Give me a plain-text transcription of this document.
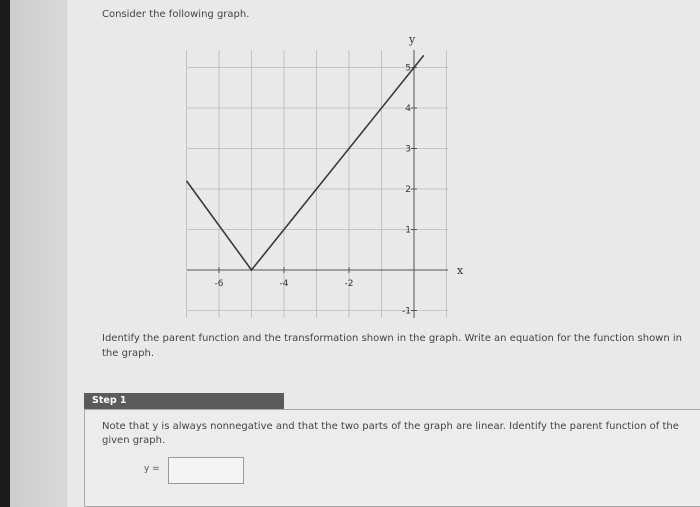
Consider the following graph.
-6	-4	-2
5
4
3
2
1
-1
x
y
Identify the parent function and the transformation shown in the graph. Write an equation for the function shown in the graph.
Step 1
Note that y is always nonnegative and that the two parts of the graph are linear. Identify the parent function of the given graph.
y =
